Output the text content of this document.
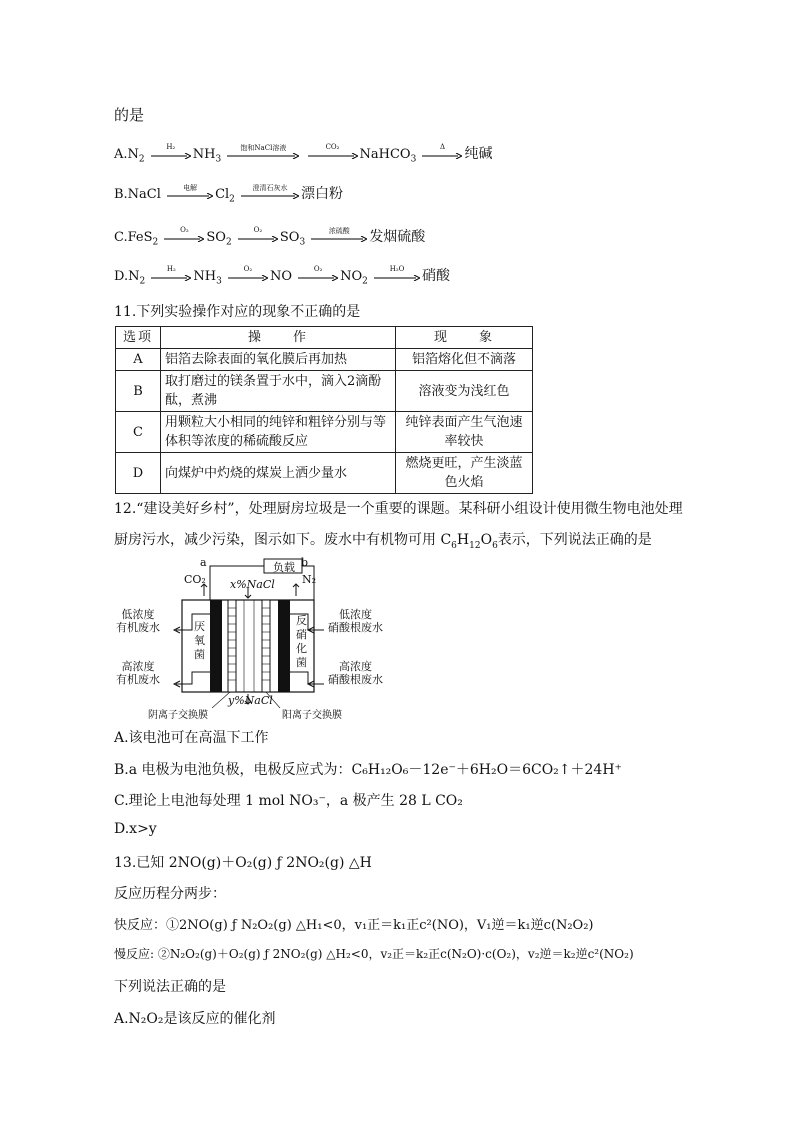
的是
$A.N_2$
H₂
$NH_3$
饱和NaCl溶液
	CO₂
NaHCO$_3$
Δ	纯碱
B.NaCl	电解	$Cl_2$
澄清石灰水 漂白粉
C.FeS$_2$
O₂
$SO_2$
O₂
$SO_3$
浓硫酸	发烟硫酸
$D.N_2$
H₂
$NH_3$
O₂
NO
O₂
$NO_2$
H₂O	硝酸
11.下列实验操作对应的现象不正确的是
选项	操　　作	现　　象
A	铝箔去除表面的氧化膜后再加热	铝箔熔化但不滴落
B	取打磨过的镁条置于水中，滴入2滴酚酞，煮沸	溶液变为浅红色
C	用颗粒大小相同的纯锌和粗锌分别与等体积等浓度的稀硫酸反应	纯锌表面产生气泡速率较快
D	向煤炉中灼烧的煤炭上洒少量水	燃烧更旺，产生淡蓝色火焰
12.“建设美好乡村”，处理厨房垃圾是一个重要的课题。某科研小组设计使用微生物电池处理
厨房污水，减少污染，图示如下。废水中有机物可用 $C_6H_{12}O_6$表示，下列说法正确的是
负载
a	b
CO₂	N₂
x%NaCl
y%NaCl
低浓度
有机废水
高浓度
有机废水
低浓度
硝酸根废水
高浓度
硝酸根废水
厌氧菌
反硝化菌
阴离子交换膜	阳离子交换膜
A.该电池可在高温下工作
B.a 电极为电池负极，电极反应式为：C₆H₁₂O₆－12e⁻＋6H₂O＝6CO₂↑＋24H⁺
C.理论上电池每处理 1 mol NO₃⁻，a 极产生 28 L CO₂
D.x>y
13.已知 2NO(g)＋O₂(g) ƒ 2NO₂(g) △H
反应历程分两步：
快反应：①2NO(g) ƒ N₂O₂(g) △H₁<0，v₁正＝k₁正c²(NO)，V₁逆＝k₁逆c(N₂O₂)
慢反应: ②N₂O₂(g)＋O₂(g) ƒ 2NO₂(g) △H₂<0，v₂正＝k₂正c(N₂O)·c(O₂)，v₂逆＝k₂逆c²(NO₂)
下列说法正确的是
A.N₂O₂是该反应的催化剂
